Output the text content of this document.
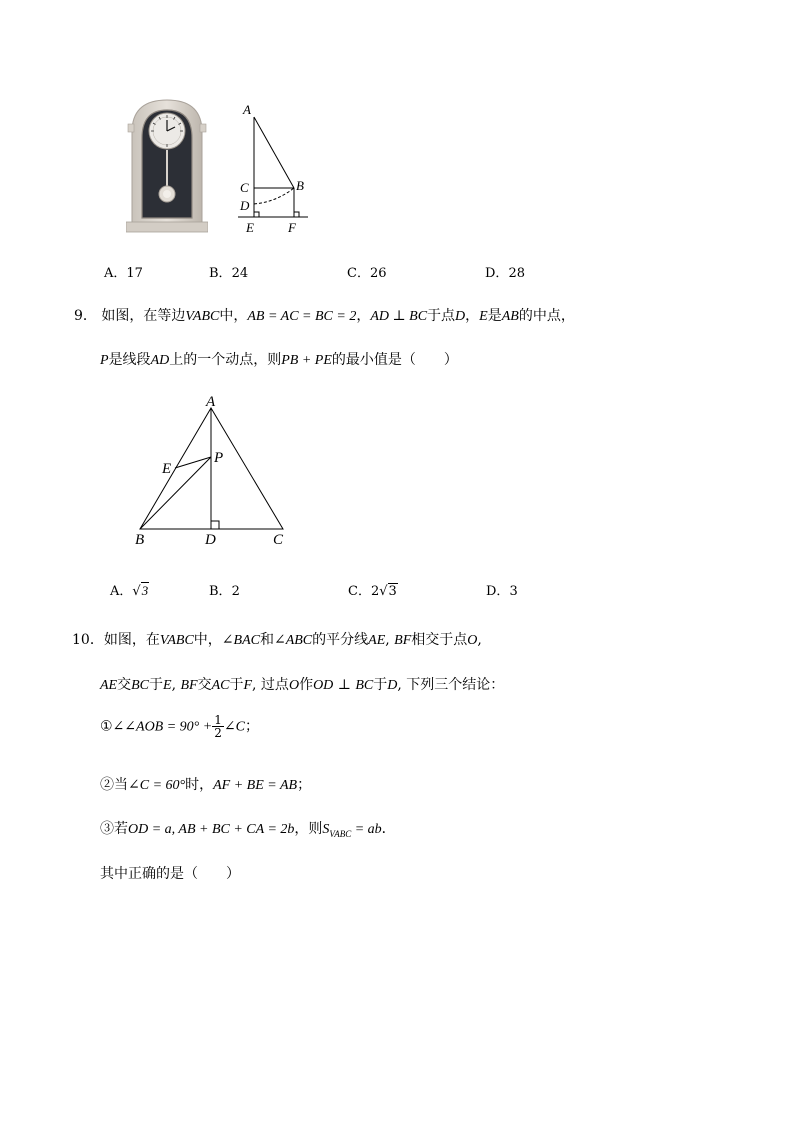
A
B
C
D
E	F
A．17	B．24	C．26	D．28
9． 如图，在等边VABC中，AB = AC = BC = 2，AD ⊥ BC于点D，E是AB的中点，
P是线段AD上的一个动点，则PB + PE的最小值是（　　）
A
E
P
B	D	C
A．√3	B．2	C．2√3	D．3
10．如图，在VABC中，∠BAC和∠ABC的平分线AE, BF相交于点O,
AE交BC于E, BF交AC于F, 过点O作OD ⊥ BC于D, 下列三个结论：
①∠∠AOB = $90^\circ + \frac{1}{2}$ ∠C；
②当∠C = 60°时，AF + BE = AB；
③若OD = a, AB + BC + CA = 2b，则$S_{VABC}$ = ab．
其中正确的是（　　）
